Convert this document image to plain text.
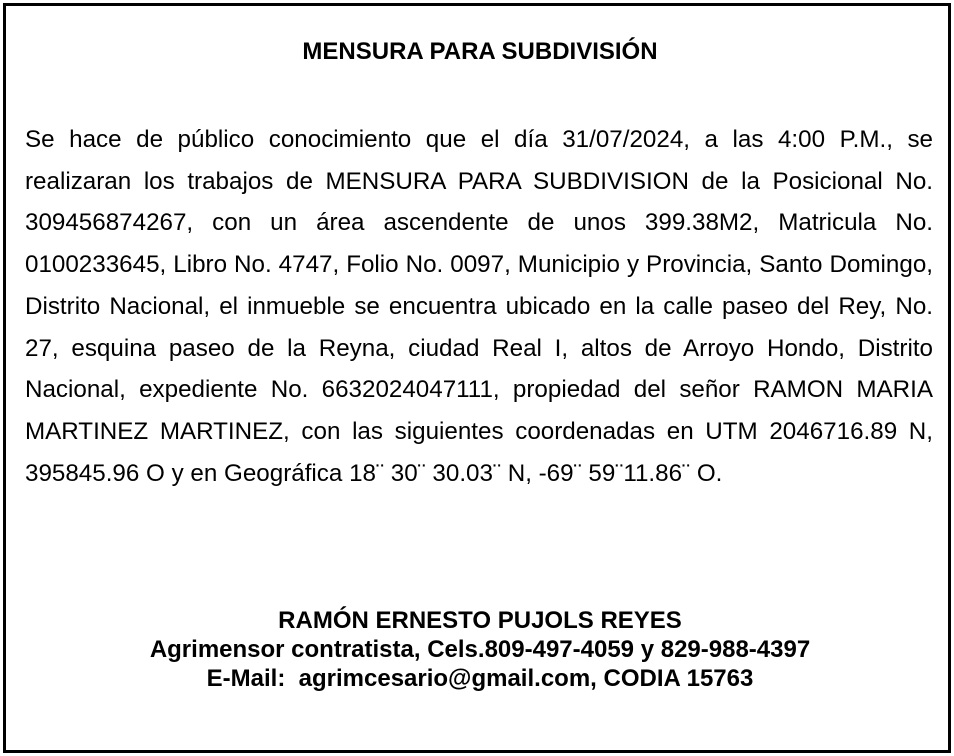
MENSURA PARA SUBDIVISIÓN

Se hace de público conocimiento que el día 31/07/2024, a las 4:00 P.M., se realizaran los trabajos de MENSURA PARA SUBDIVISION de la Posicional No. 309456874267, con un área ascendente de unos 399.38M2, Matricula No. 0100233645, Libro No. 4747, Folio No. 0097, Municipio y Provincia, Santo Domingo, Distrito Nacional, el inmueble se encuentra ubicado en la calle paseo del Rey, No. 27, esquina paseo de la Reyna, ciudad Real I, altos de Arroyo Hondo, Distrito Nacional, expediente No. 6632024047111, propiedad del señor RAMON MARIA MARTINEZ MARTINEZ, con las siguientes coordenadas en UTM 2046716.89 N, 395845.96 O y en Geográfica 18¨ 30¨ 30.03¨ N, -69¨ 59¨11.86¨ O.

RAMÓN ERNESTO PUJOLS REYES
Agrimensor contratista, Cels.809-497-4059 y 829-988-4397
E-Mail:  agrimcesario@gmail.com, CODIA 15763
